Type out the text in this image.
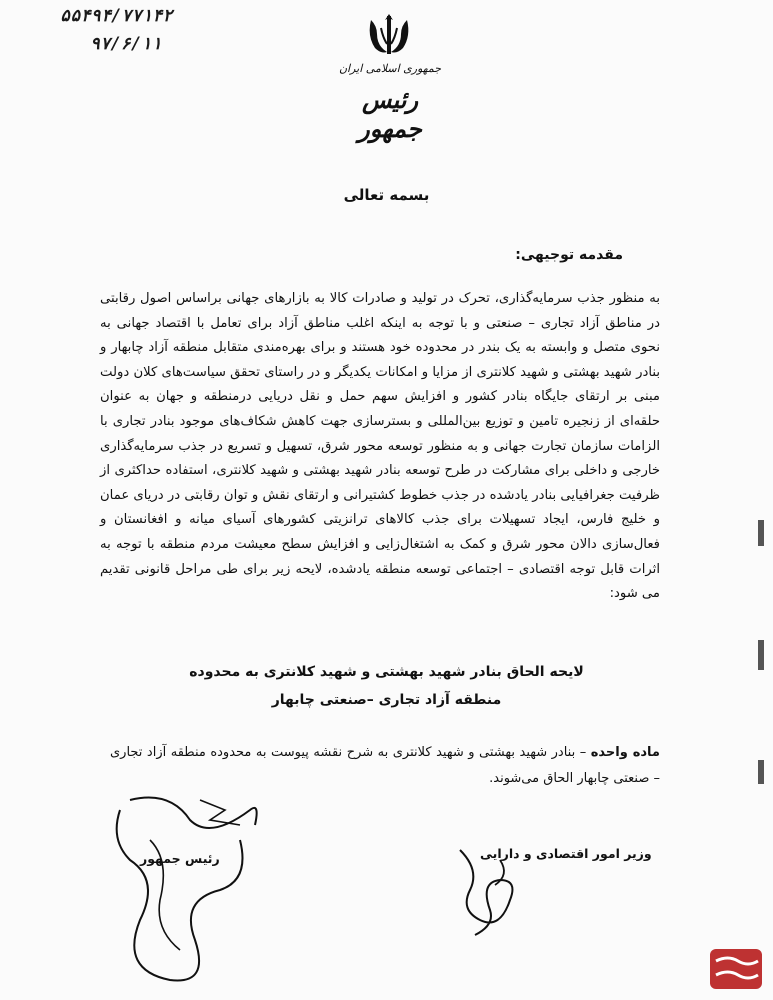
۵۵۴۹۴/۷۷۱۴۲
۹۷/۶/۱۱
جمهوری اسلامی ایران
رئیس جمهور
بسمه تعالی
مقدمه توجیهی:

به منظور جذب سرمایه‌گذاری، تحرک در تولید و صادرات کالا به بازارهای جهانی براساس اصول رقابتی در مناطق آزاد تجاری – صنعتی و با توجه به اینکه اغلب مناطق آزاد برای تعامل با اقتصاد جهانی به نحوی متصل و وابسته به یک بندر در محدوده خود هستند و برای بهره‌مندی متقابل منطقه آزاد چابهار و بنادر شهید بهشتی و شهید کلانتری از مزایا و امکانات یکدیگر و در راستای تحقق سیاست‌های کلان دولت مبنی بر ارتقای جایگاه بنادر کشور و افزایش سهم حمل و نقل دریایی درمنطقه و جهان به عنوان حلقه‌ای از زنجیره تامین و توزیع بین‌المللی و بسترسازی جهت کاهش شکاف‌های موجود بنادر تجاری با الزامات سازمان تجارت جهانی و به منظور توسعه محور شرق، تسهیل و تسریع در جذب سرمایه‌گذاری خارجی و داخلی برای مشارکت در طرح توسعه بنادر شهید بهشتی و شهید کلانتری، استفاده حداکثری از ظرفیت جغرافیایی بنادر یادشده در جذب خطوط کشتیرانی و ارتقای نقش و توان رقابتی در دریای عمان و خلیج فارس، ایجاد تسهیلات برای جذب کالاهای ترانزیتی کشورهای آسیای میانه و افغانستان و فعال‌سازی دالان محور شرق و کمک به اشتغال‌زایی و افزایش سطح معیشت مردم منطقه با توجه به اثرات قابل توجه اقتصادی – اجتماعی توسعه منطقه یادشده، لایحه زیر برای طی مراحل قانونی تقدیم می شود:

لایحه الحاق بنادر شهید بهشتی و شهید کلانتری به محدوده
منطقه آزاد تجاری –صنعتی چابهار

ماده واحده – بنادر شهید بهشتی و شهید کلانتری به شرح نقشه پیوست به محدوده منطقه آزاد تجاری – صنعتی چابهار الحاق می‌شوند.

رئیس جمهور	وزیر امور اقتصادی و دارایی
